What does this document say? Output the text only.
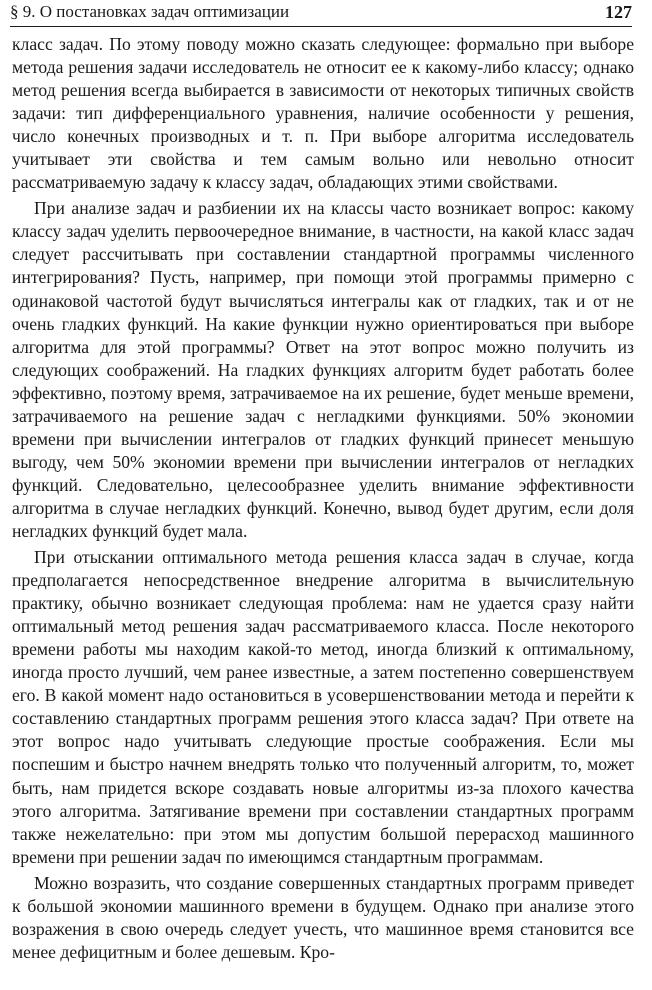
§ 9. О постановках задач оптимизации	127

класс задач. По этому поводу можно сказать следующее: формально при выборе метода решения задачи исследователь не относит ее к какому-либо классу; однако метод решения всегда выбирается в зависимости от некоторых типичных свойств задачи: тип дифференциального уравнения, наличие особенности у решения, число конечных производных и т. п. При выборе алгоритма исследователь учитывает эти свойства и тем самым вольно или невольно относит рассматриваемую задачу к классу задач, обладающих этими свойствами.

При анализе задач и разбиении их на классы часто возникает вопрос: какому классу задач уделить первоочередное внимание, в частности, на какой класс задач следует рассчитывать при составлении стандартной программы численного интегрирования? Пусть, например, при помощи этой программы примерно с одинаковой частотой будут вычисляться интегралы как от гладких, так и от не очень гладких функций. На какие функции нужно ориентироваться при выборе алгоритма для этой программы? Ответ на этот вопрос можно получить из следующих соображений. На гладких функциях алгоритм будет работать более эффективно, поэтому время, затрачиваемое на их решение, будет меньше времени, затрачиваемого на решение задач с негладкими функциями. 50% экономии времени при вычислении интегралов от гладких функций принесет меньшую выгоду, чем 50% экономии времени при вычислении интегралов от негладких функций. Следовательно, целесообразнее уделить внимание эффективности алгоритма в случае негладких функций. Конечно, вывод будет другим, если доля негладких функций будет мала.

При отыскании оптимального метода решения класса задач в случае, когда предполагается непосредственное внедрение алгоритма в вычислительную практику, обычно возникает следующая проблема: нам не удается сразу найти оптимальный метод решения задач рассматриваемого класса. После некоторого времени работы мы находим какой-то метод, иногда близкий к оптимальному, иногда просто лучший, чем ранее известные, а затем постепенно совершенствуем его. В какой момент надо остановиться в усовершенствовании метода и перейти к составлению стандартных программ решения этого класса задач? При ответе на этот вопрос надо учитывать следующие простые соображения. Если мы поспешим и быстро начнем внедрять только что полученный алгоритм, то, может быть, нам придется вскоре создавать новые алгоритмы из-за плохого качества этого алгоритма. Затягивание времени при составлении стандартных программ также нежелательно: при этом мы допустим большой перерасход машинного времени при решении задач по имеющимся стандартным программам.

Можно возразить, что создание совершенных стандартных программ приведет к большой экономии машинного времени в будущем. Однако при анализе этого возражения в свою очередь следует учесть, что машинное время становится все менее дефицитным и более дешевым. Кро-
